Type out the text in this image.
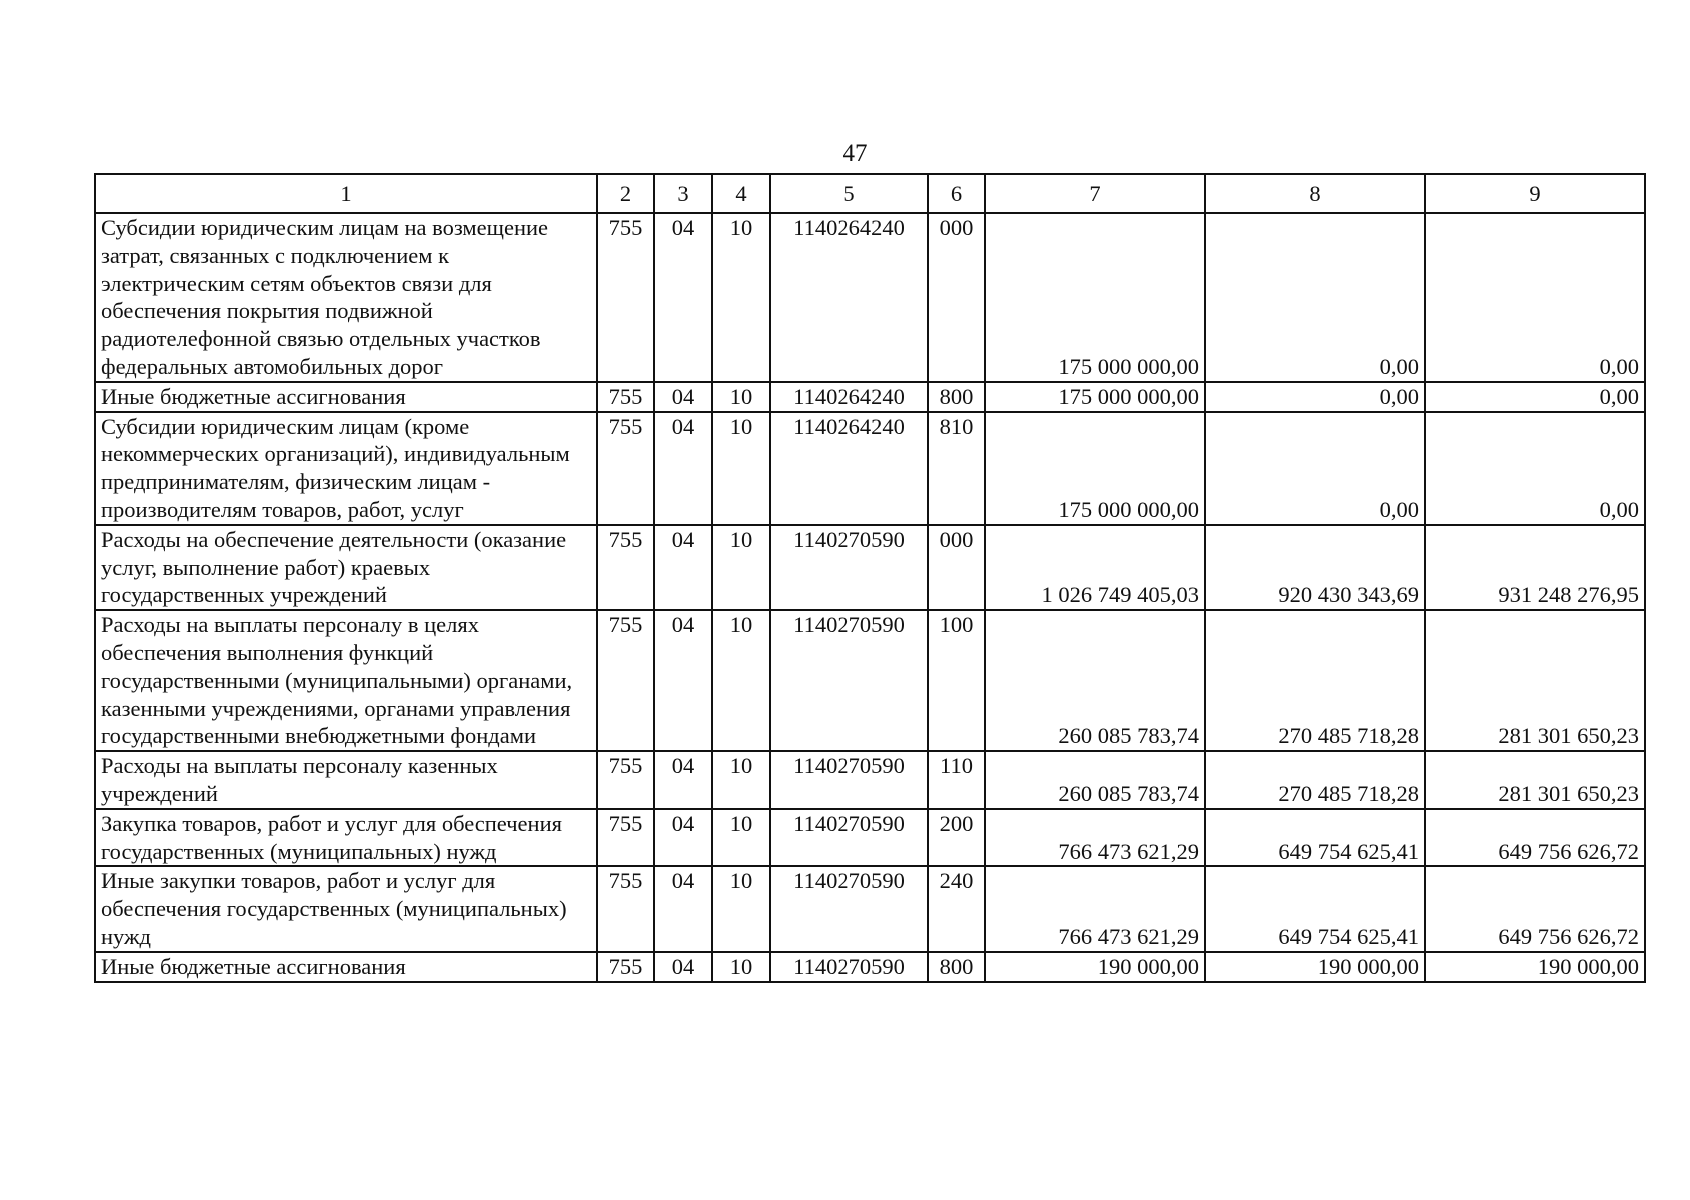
47
1	2	3	4	5	6	7	8	9
Субсидии юридическим лицам на возмещение затрат, связанных с подключением к электрическим сетям объектов связи для обеспечения покрытия подвижной радиотелефонной связью отдельных участков федеральных автомобильных дорог	755	04	10	1140264240	000	175 000 000,00	0,00	0,00
Иные бюджетные ассигнования	755	04	10	1140264240	800	175 000 000,00	0,00	0,00
Субсидии юридическим лицам (кроме некоммерческих организаций), индивидуальным предпринимателям, физическим лицам - производителям товаров, работ, услуг	755	04	10	1140264240	810	175 000 000,00	0,00	0,00
Расходы на обеспечение деятельности (оказание услуг, выполнение работ) краевых государственных учреждений	755	04	10	1140270590	000	1 026 749 405,03	920 430 343,69	931 248 276,95
Расходы на выплаты персоналу в целях обеспечения выполнения функций государственными (муниципальными) органами, казенными учреждениями, органами управления государственными внебюджетными фондами	755	04	10	1140270590	100	260 085 783,74	270 485 718,28	281 301 650,23
Расходы на выплаты персоналу казенных учреждений	755	04	10	1140270590	110	260 085 783,74	270 485 718,28	281 301 650,23
Закупка товаров, работ и услуг для обеспечения государственных (муниципальных) нужд	755	04	10	1140270590	200	766 473 621,29	649 754 625,41	649 756 626,72
Иные закупки товаров, работ и услуг для обеспечения государственных (муниципальных) нужд	755	04	10	1140270590	240	766 473 621,29	649 754 625,41	649 756 626,72
Иные бюджетные ассигнования	755	04	10	1140270590	800	190 000,00	190 000,00	190 000,00
